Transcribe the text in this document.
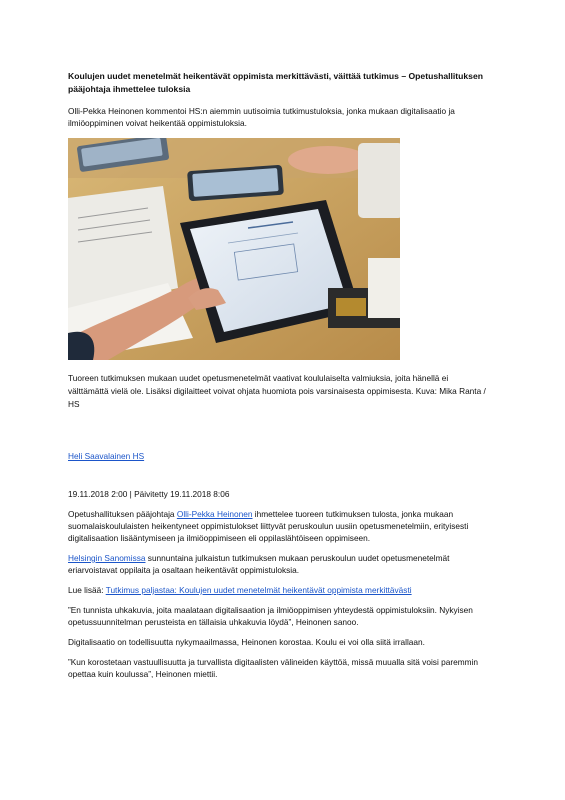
Koulujen uudet menetelmät heikentävät oppimista merkittävästi, väittää tutkimus – Opetushallituksen pääjohtaja ihmettelee tuloksia
Olli-Pekka Heinonen kommentoi HS:n aiemmin uutisoimia tutkimustuloksia, jonka mukaan digitalisaatio ja ilmiöoppiminen voivat heikentää oppimistuloksia.
Tuoreen tutkimuksen mukaan uudet opetusmenetelmät vaativat koululaiselta valmiuksia, joita hänellä ei välttämättä vielä ole. Lisäksi digilaitteet voivat ohjata huomiota pois varsinaisesta oppimisesta. Kuva: Mika Ranta / HS
Heli Saavalainen HS
19.11.2018 2:00 | Päivitetty 19.11.2018 8:06
Opetushallituksen pääjohtaja Olli-Pekka Heinonen ihmettelee tuoreen tutkimuksen tulosta, jonka mukaan suomalaiskoululaisten heikentyneet oppimistulokset liittyvät peruskoulun uusiin opetusmenetelmiin, erityisesti digitalisaation lisääntymiseen ja ilmiöoppimiseen eli oppilaslähtöiseen oppimiseen.
Helsingin Sanomissa sunnuntaina julkaistun tutkimuksen mukaan peruskoulun uudet opetusmenetelmät eriarvoistavat oppilaita ja osaltaan heikentävät oppimistuloksia.
Lue lisää: Tutkimus paljastaa: Koulujen uudet menetelmät heikentävät oppimista merkittävästi
”En tunnista uhkakuvia, joita maalataan digitalisaation ja ilmiöoppimisen yhteydestä oppimistuloksiin. Nykyisen opetussuunnitelman perusteista en tällaisia uhkakuvia löydä”, Heinonen sanoo.
Digitalisaatio on todellisuutta nykymaailmassa, Heinonen korostaa. Koulu ei voi olla siitä irrallaan.
”Kun korostetaan vastuullisuutta ja turvallista digitaalisten välineiden käyttöä, missä muualla sitä voisi paremmin opettaa kuin koulussa”, Heinonen miettii.
